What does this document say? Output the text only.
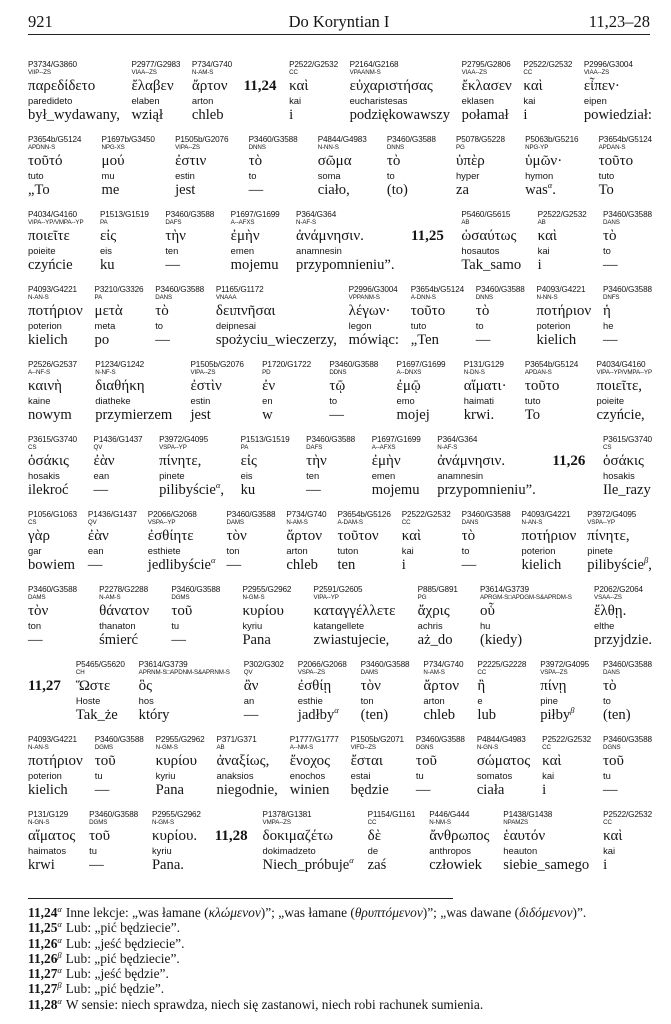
921	Do Koryntian I	11,23–28
P3734/G3860
VIIP--ZS
παρεδίδετο
paredideto
był_wydawany,
P2977/G2983
VIAA--ZS
ἔλαβεν
elaben
wziął
P734/G740
N-AM-S
ἄρτον
arton
chleb
11,24
P2522/G2532
CC
καὶ
kai
i
P2164/G2168
VPAANM-S
εὐχαριστήσας
eucharistesas
podziękowawszy
P2795/G2806
VIAA--ZS
ἔκλασεν
eklasen
połamał
P2522/G2532
CC
καὶ
kai
i
P2996/G3004
VIAA--ZS
εἶπεν·
eipen
powiedział:
P3654b/G5124
APDNN-S
τοῦτό
tuto
„To
P1697b/G3450
NPG-XS
μού
mu
me
P1505b/G2076
VIPA--ZS
ἐστιν
estin
jest
P3460/G3588
DNNS
τὸ
to
—
P4844/G4983
N-NN-S
σῶμα
soma
ciało,
P3460/G3588
DNNS
τὸ
to
(to)
P5078/G5228
PG
ὑπὲρ
hyper
za
P5063b/G5216
NPG-YP
ὑμῶν·
hymon
was$^\alpha$.
P3654b/G5124
APDAN-S
τοῦτο
tuto
To
P4034/G4160
VIPA--YP/VMPA--YP
ποιεῖτε
poieite
czyńcie
P1513/G1519
PA
εἰς
eis
ku
P3460/G3588
DAFS
τὴν
ten
—
P1697/G1699
A--AFXS
ἐμὴν
emen
mojemu
P364/G364
N-AF-S
ἀνάμνησιν.
anamnesin
przypomnieniu”.
11,25
P5460/G5615
AB
ὡσαύτως
hosautos
Tak_samo
P2522/G2532
AB
καὶ
kai
i
P3460/G3588
DANS
τὸ
to
—
P4093/G4221
N-AN-S
ποτήριον
poterion
kielich
P3210/G3326
PA
μετὰ
meta
po
P3460/G3588
DANS
τὸ
to
—
P1165/G1172
VNAAA
δειπνῆσαι
deipnesai
spożyciu_wieczerzy,
P2996/G3004
VPPANM-S
λέγων·
legon
mówiąc:
P3654b/G5124
A-DNN-S
τοῦτο
tuto
„Ten
P3460/G3588
DNNS
τὸ
to
—
P4093/G4221
N-NN-S
ποτήριον
poterion
kielich
P3460/G3588
DNFS
ἡ
he
—
P2526/G2537
A--NF-S
καινὴ
kaine
nowym
P1234/G1242
N-NF-S
διαθήκη
diatheke
przymierzem
P1505b/G2076
VIPA--ZS
ἐστὶν
estin
jest
P1720/G1722
PD
ἐν
en
w
P3460/G3588
DDNS
τῷ
to
—
P1697/G1699
A--DNXS
ἐμῷ
emo
mojej
P131/G129
N-DN-S
αἵματι·
haimati
krwi.
P3654b/G5124
APDAN-S
τοῦτο
tuto
To
P4034/G4160
VIPA--YP/VMPA--YP
ποιεῖτε,
poieite
czyńcie,
P3615/G3740
CS
ὁσάκις
hosakis
ilekroć
P1436/G1437
QV
ἐὰν
ean
—
P3972/G4095
VSPA--YP
πίνητε,
pinete
pilibyście$^\alpha$,
P1513/G1519
PA
εἰς
eis
ku
P3460/G3588
DAFS
τὴν
ten
—
P1697/G1699
A--AFXS
ἐμὴν
emen
mojemu
P364/G364
N-AF-S
ἀνάμνησιν.
anamnesin
przypomnieniu”.
11,26
P3615/G3740
CS
ὁσάκις
hosakis
Ile_razy
P1056/G1063
CS
γὰρ
gar
bowiem
P1436/G1437
QV
ἐὰν
ean
—
P2066/G2068
VSPA--YP
ἐσθίητε
esthiete
jedlibyście$^\alpha$
P3460/G3588
DAMS
τὸν
ton
—
P734/G740
N-AM-S
ἄρτον
arton
chleb
P3654b/G5126
A-DAM-S
τοῦτον
tuton
ten
P2522/G2532
CC
καὶ
kai
i
P3460/G3588
DANS
τὸ
to
—
P4093/G4221
N-AN-S
ποτήριον
poterion
kielich
P3972/G4095
VSPA--YP
πίνητε,
pinete
pilibyście$^\beta$,
P3460/G3588
DAMS
τὸν
ton
—
P2278/G2288
N-AM-S
θάνατον
thanaton
śmierć
P3460/G3588
DGMS
τοῦ
tu
—
P2955/G2962
N-GM-S
κυρίου
kyriu
Pana
P2591/G2605
VIPA--YP
καταγγέλλετε
katangellete
zwiastujecie,
P885/G891
PG
ἄχρις
achris
aż_do
P3614/G3739
APRGM-S□APDGM-S&APRDM-S
οὗ
hu
(kiedy)
P2062/G2064
VSAA--ZS
ἔλθῃ.
elthe
przyjdzie.
11,27
P5465/G5620
CH
Ὥστε
Hoste
Tak_że
P3614/G3739
APRNM-S□APDNM-S&APRNM-S
ὃς
hos
który
P302/G302
QV
ἂν
an
—
P2066/G2068
VSPA--ZS
ἐσθίῃ
esthie
jadłby$^\alpha$
P3460/G3588
DAMS
τὸν
ton
(ten)
P734/G740
N-AM-S
ἄρτον
arton
chleb
P2225/G2228
CC
ἢ
e
lub
P3972/G4095
VSPA--ZS
πίνῃ
pine
piłby$^\beta$
P3460/G3588
DANS
τὸ
to
(ten)
P4093/G4221
N-AN-S
ποτήριον
poterion
kielich
P3460/G3588
DGMS
τοῦ
tu
—
P2955/G2962
N-GM-S
κυρίου
kyriu
Pana
P371/G371
AB
ἀναξίως,
anaksios
niegodnie,
P1777/G1777
A--NM-S
ἔνοχος
enochos
winien
P1505b/G2071
VIFD--ZS
ἔσται
estai
będzie
P3460/G3588
DGNS
τοῦ
tu
—
P4844/G4983
N-GN-S
σώματος
somatos
ciała
P2522/G2532
CC
καὶ
kai
i
P3460/G3588
DGNS
τοῦ
tu
—
P131/G129
N-GN-S
αἵματος
haimatos
krwi
P3460/G3588
DGMS
τοῦ
tu
—
P2955/G2962
N-GM-S
κυρίου.
kyriu
Pana.
11,28
P1378/G1381
VMPA--ZS
δοκιμαζέτω
dokimadzeto
Niech_próbuje$^\alpha$
P1154/G1161
CC
δὲ
de
zaś
P446/G444
N-NM-S
ἄνθρωπος
anthropos
człowiek
P1438/G1438
NPAMZS
ἑαυτόν
heauton
siebie_samego
P2522/G2532
CC
καὶ
kai
i
11,24$^\alpha$ Inne lekcje: „was łamane (κλώμενον)”; „was łamane (θρυπτόμενον)”; „was dawane (διδόμενον)”.
11,25$^\alpha$ Lub: „pić będziecie”.
11,26$^\alpha$ Lub: „jeść będziecie”.
11,26$^\beta$ Lub: „pić będziecie”.
11,27$^\alpha$ Lub: „jeść będzie”.
11,27$^\beta$ Lub: „pić będzie”.
11,28$^\alpha$ W sensie: niech sprawdza, niech się zastanowi, niech robi rachunek sumienia.
